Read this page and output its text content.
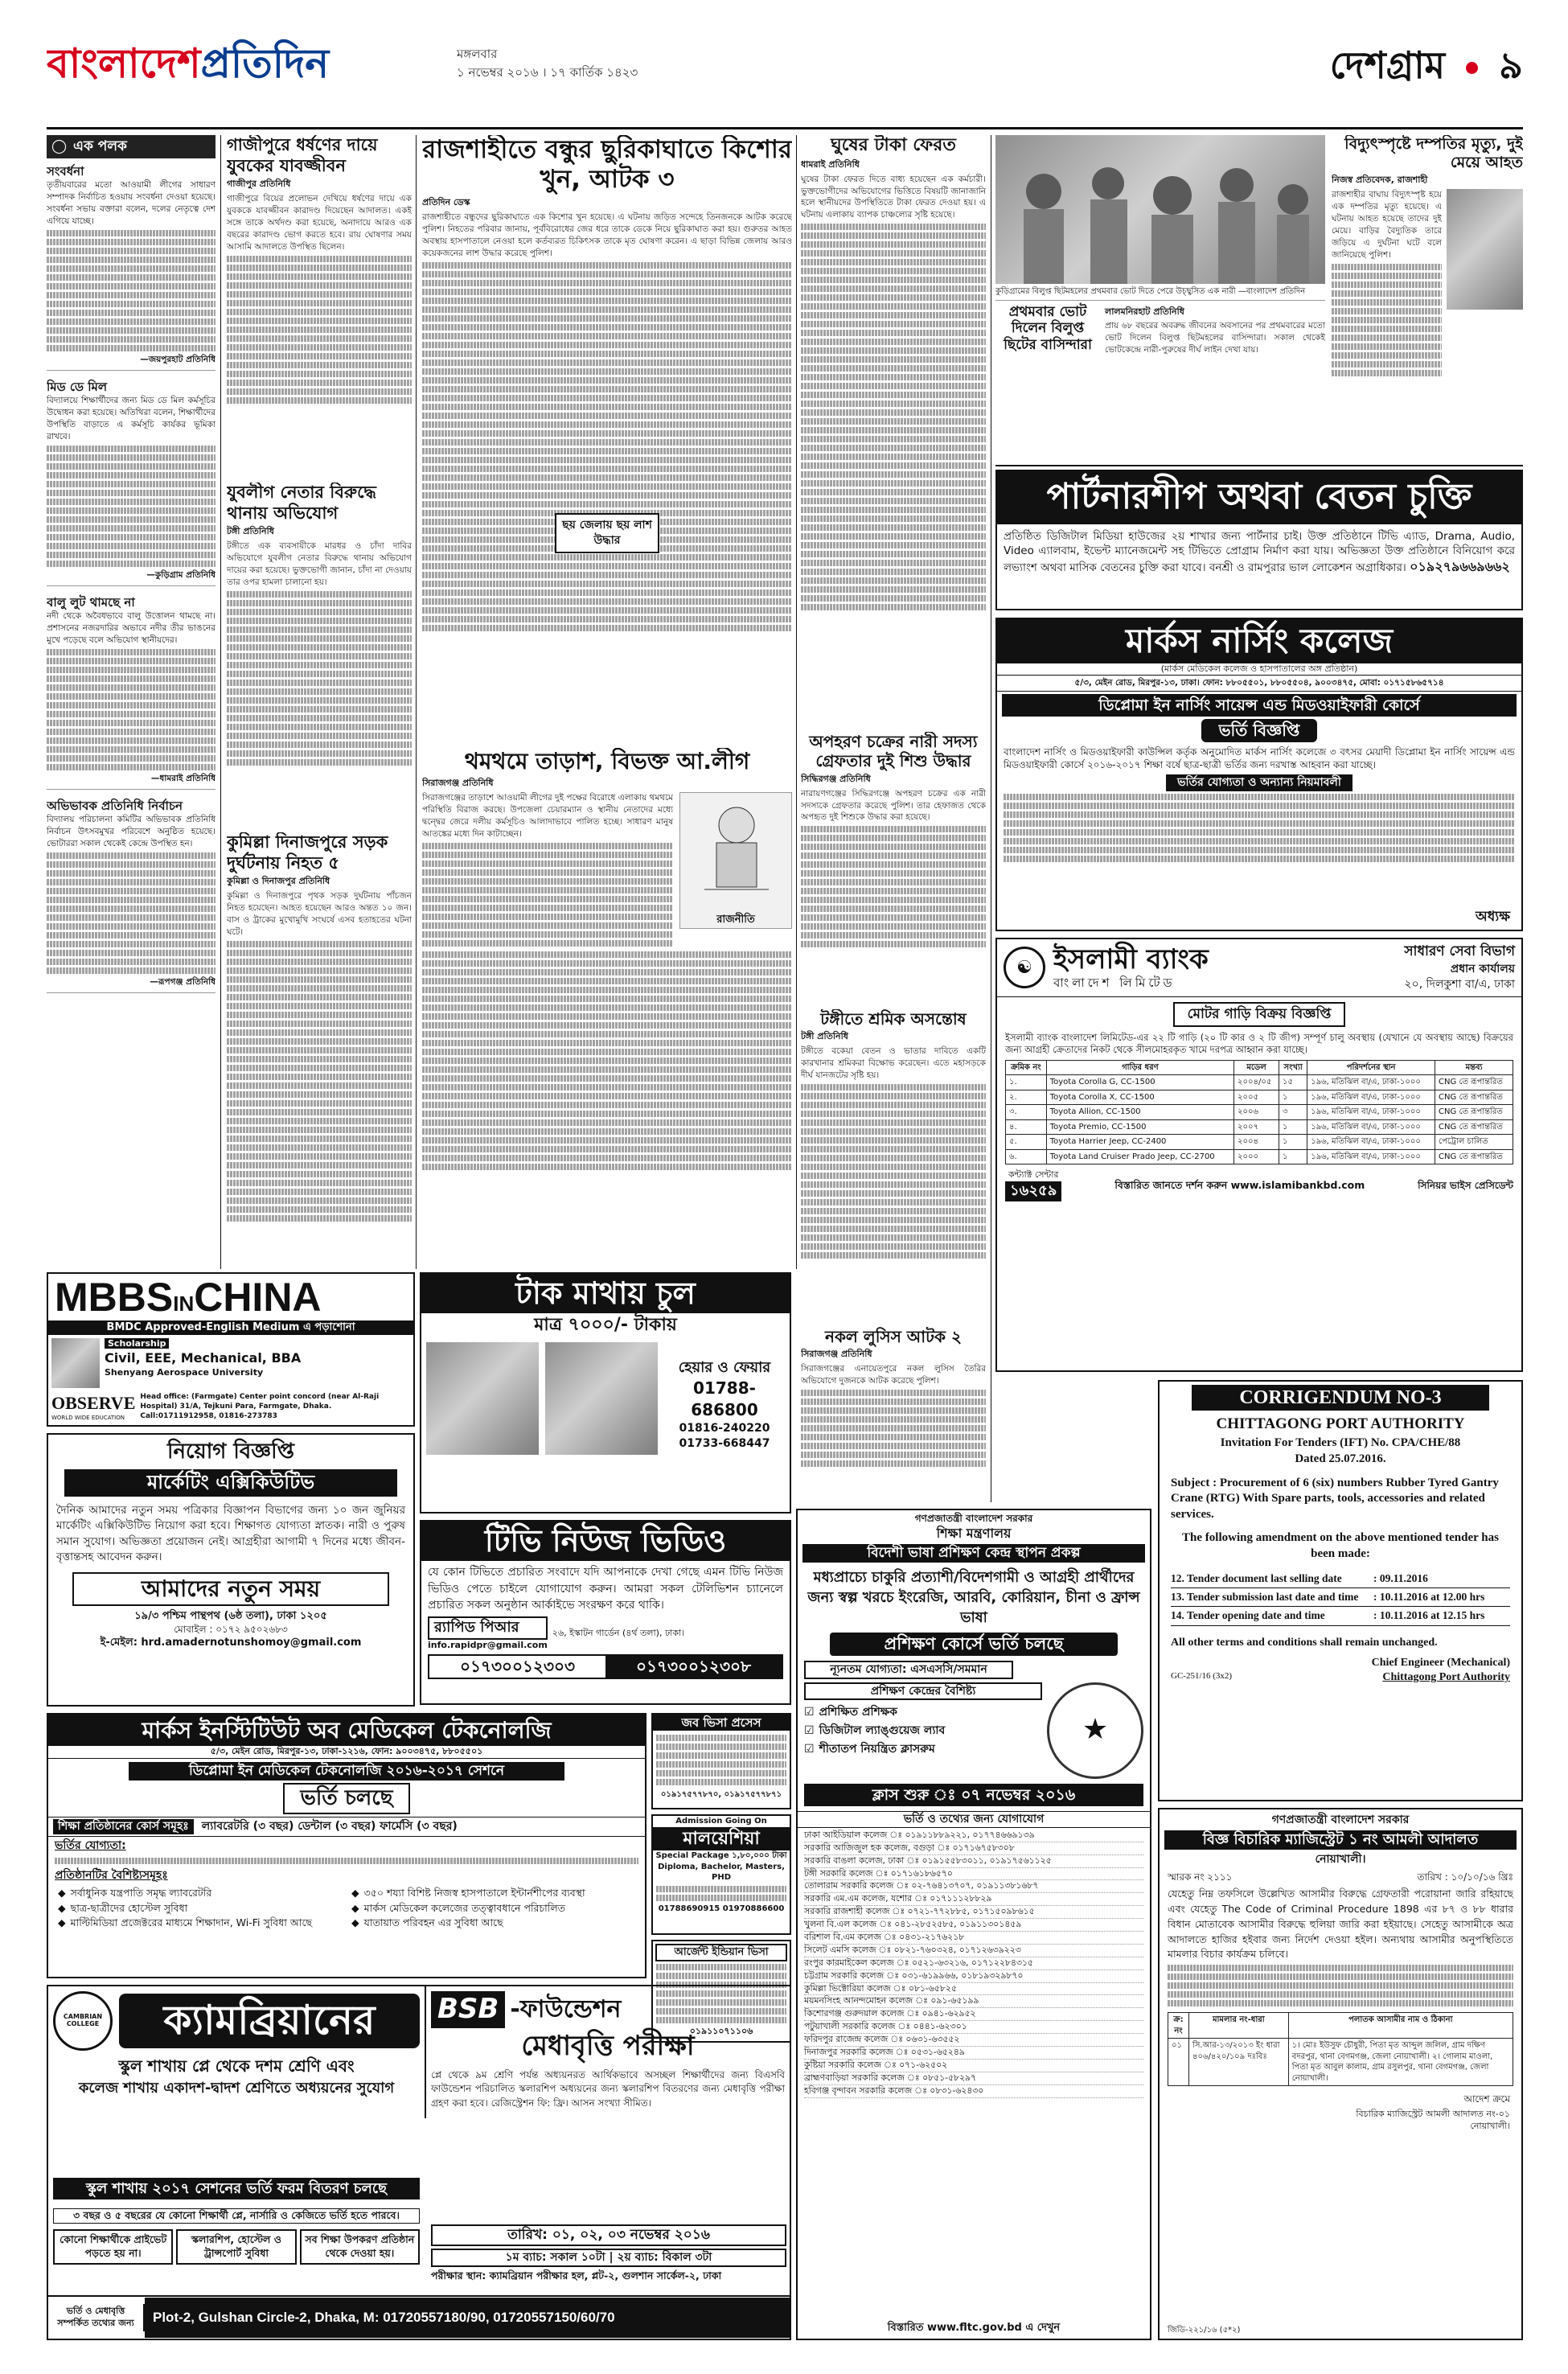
বাংলাদেশপ্রতিদিন	মঙ্গলবার
১ নভেম্বর ২০১৬ । ১৭ কার্তিক ১৪২৩	দেশগ্রাম ৯
◯ এক পলক
সংবর্ধনা
তৃতীয়বারের মতো আওয়ামী লীগের সাধারণ সম্পাদক নির্বাচিত হওয়ায় সংবর্ধনা দেওয়া হয়েছে। সংবর্ধনা সভায় বক্তারা বলেন, দলের নেতৃত্বে দেশ এগিয়ে যাচ্ছে।
—জয়পুরহাট প্রতিনিধি
মিড ডে মিল
বিদ্যালয়ে শিক্ষার্থীদের জন্য মিড ডে মিল কর্মসূচির উদ্বোধন করা হয়েছে। অতিথিরা বলেন, শিক্ষার্থীদের উপস্থিতি বাড়াতে এ কর্মসূচি কার্যকর ভূমিকা রাখবে।
—কুড়িগ্রাম প্রতিনিধি
বালু লুট থামছে না
নদী থেকে অবৈধভাবে বালু উত্তোলন থামছে না। প্রশাসনের নজরদারির অভাবে নদীর তীর ভাঙনের মুখে পড়েছে বলে অভিযোগ স্থানীয়দের।
—ধামরাই প্রতিনিধি
অভিভাবক প্রতিনিধি নির্বাচন
বিদ্যালয় পরিচালনা কমিটির অভিভাবক প্রতিনিধি নির্বাচন উৎসবমুখর পরিবেশে অনুষ্ঠিত হয়েছে। ভোটাররা সকাল থেকেই কেন্দ্রে উপস্থিত হন।
—রূপগঞ্জ প্রতিনিধি
গাজীপুরে ধর্ষণের দায়ে যুবকের যাবজ্জীবন
গাজীপুর প্রতিনিধি
গাজীপুরে বিয়ের প্রলোভন দেখিয়ে ধর্ষণের দায়ে এক যুবককে যাবজ্জীবন কারাদণ্ড দিয়েছেন আদালত। একই সঙ্গে তাকে অর্থদণ্ড করা হয়েছে, অনাদায়ে আরও এক বছরের কারাদণ্ড ভোগ করতে হবে। রায় ঘোষণার সময় আসামি আদালতে উপস্থিত ছিলেন।
যুবলীগ নেতার বিরুদ্ধে থানায় অভিযোগ
টঙ্গী প্রতিনিধি
টঙ্গীতে এক ব্যবসায়ীকে মারধর ও চাঁদা দাবির অভিযোগে যুবলীগ নেতার বিরুদ্ধে থানায় অভিযোগ দায়ের করা হয়েছে। ভুক্তভোগী জানান, চাঁদা না দেওয়ায় তার ওপর হামলা চালানো হয়।
কুমিল্লা দিনাজপুরে সড়ক দুর্ঘটনায় নিহত ৫
কুমিল্লা ও দিনাজপুর প্রতিনিধি
কুমিল্লা ও দিনাজপুরে পৃথক সড়ক দুর্ঘটনায় পাঁচজন নিহত হয়েছেন। আহত হয়েছেন আরও অন্তত ১০ জন। বাস ও ট্রাকের মুখোমুখি সংঘর্ষে এসব হতাহতের ঘটনা ঘটে।
রাজশাহীতে বন্ধুর ছুরিকাঘাতে কিশোর খুন, আটক ৩
প্রতিদিন ডেস্ক
রাজশাহীতে বন্ধুদের ছুরিকাঘাতে এক কিশোর খুন হয়েছে। এ ঘটনায় জড়িত সন্দেহে তিনজনকে আটক করেছে পুলিশ। নিহতের পরিবার জানায়, পূর্ববিরোধের জের ধরে তাকে ডেকে নিয়ে ছুরিকাঘাত করা হয়। গুরুতর আহত অবস্থায় হাসপাতালে নেওয়া হলে কর্তব্যরত চিকিৎসক তাকে মৃত ঘোষণা করেন। এ ছাড়া বিভিন্ন জেলায় আরও কয়েকজনের লাশ উদ্ধার করেছে পুলিশ।
ছয় জেলায় ছয় লাশ উদ্ধার
থমথমে তাড়াশ, বিভক্ত আ.লীগ
সিরাজগঞ্জ প্রতিনিধি
সিরাজগঞ্জের তাড়াশে আওয়ামী লীগের দুই পক্ষের বিরোধে এলাকায় থমথমে পরিস্থিতি বিরাজ করছে। উপজেলা চেয়ারম্যান ও স্থানীয় নেতাদের মধ্যে দ্বন্দ্বের জেরে দলীয় কর্মসূচিও আলাদাভাবে পালিত হচ্ছে। সাধারণ মানুষ আতঙ্কের মধ্যে দিন কাটাচ্ছেন।
রাজনীতি
ঘুষের টাকা ফেরত
ধামরাই প্রতিনিধি
ঘুষের টাকা ফেরত দিতে বাধ্য হয়েছেন এক কর্মচারী। ভুক্তভোগীদের অভিযোগের ভিত্তিতে বিষয়টি জানাজানি হলে স্থানীয়দের উপস্থিতিতে টাকা ফেরত দেওয়া হয়। এ ঘটনায় এলাকায় ব্যাপক চাঞ্চল্যের সৃষ্টি হয়েছে।
অপহরণ চক্রের নারী সদস্য গ্রেফতার দুই শিশু উদ্ধার
সিদ্ধিরগঞ্জ প্রতিনিধি
নারায়ণগঞ্জের সিদ্ধিরগঞ্জে অপহরণ চক্রের এক নারী সদস্যকে গ্রেফতার করেছে পুলিশ। তার হেফাজত থেকে অপহৃত দুই শিশুকে উদ্ধার করা হয়েছে।
টঙ্গীতে শ্রমিক অসন্তোষ
টঙ্গী প্রতিনিধি
টঙ্গীতে বকেয়া বেতন ও ভাতার দাবিতে একটি কারখানার শ্রমিকরা বিক্ষোভ করেছেন। এতে মহাসড়কে দীর্ঘ যানজটের সৃষ্টি হয়।
নকল লুসিস আটক ২
সিরাজগঞ্জ প্রতিনিধি
সিরাজগঞ্জের এনায়েতপুরে নকল লুসিস তৈরির অভিযোগে দুজনকে আটক করেছে পুলিশ।
কুড়িগ্রামের বিলুপ্ত ছিটমহলের প্রথমবার ভোট দিতে পেরে উচ্ছ্বসিত এক নারী —বাংলাদেশ প্রতিদিন
প্রথমবার ভোট দিলেন বিলুপ্ত ছিটের বাসিন্দারা
লালমনিরহাট প্রতিনিধি
প্রায় ৬৮ বছরের অবরুদ্ধ জীবনের অবসানের পর প্রথমবারের মতো ভোট দিলেন বিলুপ্ত ছিটমহলের বাসিন্দারা। সকাল থেকেই ভোটকেন্দ্রে নারী-পুরুষের দীর্ঘ লাইন দেখা যায়।
বিদ্যুৎস্পৃষ্টে দম্পতির মৃত্যু, দুই মেয়ে আহত
নিজস্ব প্রতিবেদক, রাজশাহী
রাজশাহীর বাঘায় বিদ্যুৎস্পৃষ্ট হয়ে এক দম্পতির মৃত্যু হয়েছে। এ ঘটনায় আহত হয়েছে তাদের দুই মেয়ে। বাড়ির বৈদ্যুতিক তারে জড়িয়ে এ দুর্ঘটনা ঘটে বলে জানিয়েছে পুলিশ।
পার্টনারশীপ অথবা বেতন চুক্তি
প্রতিষ্ঠিত ডিজিটাল মিডিয়া হাউজের ২য় শাখার জন্য পার্টনার চাই। উক্ত প্রতিষ্ঠানে টিভি এ্যাড, Drama, Audio, Video এ্যালবাম, ইভেন্ট ম্যানেজমেন্ট সহ টিভিতে প্রোগ্রাম নির্মাণ করা যায়। অভিজ্ঞতা উক্ত প্রতিষ্ঠানে বিনিয়োগ করে লভ্যাংশ অথবা মাসিক বেতনের চুক্তি করা যাবে। বনশ্রী ও রামপুরার ভাল লোকেশন অগ্রাধিকার। ০১৯২৭৯৬৬৯৬৬২
মার্কস নার্সিং কলেজ
(মার্কস মেডিকেল কলেজ ও হাসপাতালের অঙ্গ প্রতিষ্ঠান)
৫/৩, মেইন রোড, মিরপুর-১৩, ঢাকা। ফোন: ৮৮০৫৫০১, ৮৮০৫৫০৪, ৯০০৩৪৭৫, মোবা: ০১৭১৫৮৬৫৭১৪
ডিপ্লোমা ইন নার্সিং সায়েন্স এন্ড মিডওয়াইফারী কোর্সে
ভর্তি বিজ্ঞপ্তি
বাংলাদেশ নার্সিং ও মিডওয়াইফারী কাউন্সিল কর্তৃক অনুমোদিত মার্কস নার্সিং কলেজে ৩ বৎসর মেয়াদী ডিপ্লোমা ইন নার্সিং সায়েন্স এন্ড মিডওয়াইফারী কোর্সে ২০১৬-২০১৭ শিক্ষা বর্ষে ছাত্র-ছাত্রী ভর্তির জন্য দরখাস্ত আহবান করা যাচ্ছে।
ভর্তির যোগ্যতা ও অন্যান্য নিয়মাবলী
অধ্যক্ষ
☯ ইসলামী ব্যাংক
বাংলাদেশ লিমিটেড
সাধারণ সেবা বিভাগ
প্রধান কার্যালয়
২০, দিলকুশা বা/এ, ঢাকা
মোটর গাড়ি বিক্রয় বিজ্ঞপ্তি
ইসলামী ব্যাংক বাংলাদেশ লিমিটেড-এর ২২ টি গাড়ি (২০ টি কার ও ২ টি জীপ) সম্পূর্ণ চালু অবস্থায় (যেখানে যে অবস্থায় আছে) বিক্রয়ের জন্য আগ্রহী ক্রেতাদের নিকট থেকে সীলমোহরকৃত খামে দরপত্র আহ্বান করা যাচ্ছে।
ক্রমিক নং	গাড়ির ধরণ	মডেল	সংখ্যা	পরিদর্শনের স্থান	মন্তব্য
১.	Toyota Corolla G, CC-1500	২০০৪/০৫	১৫	১৯৬, মতিঝিল বা/এ, ঢাকা-১০০০	CNG তে রূপান্তরিত
২.	Toyota Corolla X, CC-1500	২০০৫	১	১৯৬, মতিঝিল বা/এ, ঢাকা-১০০০	CNG তে রূপান্তরিত
৩.	Toyota Allion, CC-1500	২০০৬	৩	১৯৬, মতিঝিল বা/এ, ঢাকা-১০০০	CNG তে রূপান্তরিত
৪.	Toyota Premio, CC-1500	২০০৭	১	১৯৬, মতিঝিল বা/এ, ঢাকা-১০০০	CNG তে রূপান্তরিত
৫.	Toyota Harrier Jeep, CC-2400	২০০৪	১	১৯৬, মতিঝিল বা/এ, ঢাকা-১০০০	পেট্রোল চালিত
৬.	Toyota Land Cruiser Prado Jeep, CC-2700	২০০০	১	১৯৬, মতিঝিল বা/এ, ঢাকা-১০০০	CNG তে রূপান্তরিত
কন্ট্যাক্ট সেন্টার
১৬২৫৯	বিস্তারিত জানতে দর্শন করুন www.islamibankbd.com	সিনিয়র ভাইস প্রেসিডেন্ট
MBBSINCHINA
BMDC Approved-English Medium এ পড়াশোনা
Scholarship
Civil, EEE, Mechanical, BBA
Shenyang Aerospace University
OBSERVE
WORLD WIDE EDUCATION
Head office: (Farmgate) Center point concord (near Al-Raji Hospital) 31/A, Tejkuni Para, Farmgate, Dhaka. Call:01711912958, 01816-273783
টাক মাথায় চুল
মাত্র ৭০০০/- টাকায়
হেয়ার ও ফেয়ার
01788-686800
01816-240220
01733-668447
নিয়োগ বিজ্ঞপ্তি
মার্কেটিং এক্সিকিউটিভ
দৈনিক আমাদের নতুন সময় পত্রিকার বিজ্ঞাপন বিভাগের জন্য ১০ জন জুনিয়র মার্কেটিং এক্সিকিউটিভ নিয়োগ করা হবে। শিক্ষাগত যোগ্যতা স্নাতক। নারী ও পুরুষ সমান সুযোগ। অভিজ্ঞতা প্রয়োজন নেই। আগ্রহীরা আগামী ৭ দিনের মধ্যে জীবন-বৃত্তান্তসহ আবেদন করুন।
আমাদের নতুন সময়
১৯/৩ পশ্চিম পান্থপথ (৬ষ্ঠ তলা), ঢাকা ১২০৫
মোবাইল : ০১৭২ ৯৫০২৬৮৩
ই-মেইল: hrd.amadernotunshomoy@gmail.com
টিভি নিউজ ভিডিও
যে কোন টিভিতে প্রচারিত সংবাদে যদি আপনাকে দেখা গেছে এমন টিভি নিউজ ভিডিও পেতে চাইলে যোগাযোগ করুন। আমরা সকল টেলিভিশন চ্যানেলে প্রচারিত সকল অনুষ্ঠান আর্কাইভে সংরক্ষণ করে থাকি।
র‍্যাপিড পিআর
info.rapidpr@gmail.com
২৬, ইস্কাটন গার্ডেন (৪র্থ তলা), ঢাকা।
০১৭৩০০১২৩০৩	০১৭৩০০১২৩০৮
গণপ্রজাতন্ত্রী বাংলাদেশ সরকার
শিক্ষা মন্ত্রণালয়
বিদেশী ভাষা প্রশিক্ষণ কেন্দ্র স্থাপন প্রকল্প
মধ্যপ্রাচ্যে চাকুরি প্রত্যাশী/বিদেশগামী ও আগ্রহী প্রার্থীদের জন্য স্বল্প খরচে ইংরেজি, আরবি, কোরিয়ান, চীনা ও ফ্রান্স ভাষা
প্রশিক্ষণ কোর্সে ভর্তি চলছে
ন্যূনতম যোগ্যতা: এসএসসি/সমমান
প্রশিক্ষণ কেন্দ্রের বৈশিষ্ট্য
☑ প্রশিক্ষিত প্রশিক্ষক
☑ ডিজিটাল ল্যাঙ্গুয়েজ ল্যাব
☑ শীতাতপ নিয়ন্ত্রিত ক্লাসরুম
★
ক্লাস শুরু ঃ ০৭ নভেম্বর ২০১৬
ভর্তি ও তথ্যের জন্য যোগাযোগ
ঢাকা আইডিয়াল কলেজ ঃ ০১৯১১৮৮৯২২১, ০১৭৭৪৬৬৯১৩৯
সরকারি আজিজুল হক কলেজ, বগুড়া ঃ ০১৭১৬৭৫৮৩০৮
সরকারি বাঙলা কলেজ, ঢাকা ঃ ০১৯১৫৫৮৩০১১, ০১৯১৭৫৬১১২৫
টঙ্গী সরকারি কলেজ ঃ ০১৭১৬১৮৬৫৭০
তোলারাম সরকারি কলেজ ঃ ০২-৭৬৪১৩৭০৭, ০১৯১১৩৮১৬৮৭
সরকারি এম.এম কলেজ, যশোর ঃ ০১৭১১১২৮৮২৯
সরকারি রাজশাহী কলেজ ঃ ০৭২১-৭৭২৮৮৫, ০১৭১৫০৯৮৬১৫
খুলনা বি.এল কলেজ ঃ ০৪১-২৮৫২৫৮৫, ০১৯১১৩০১৪৫৯
বরিশাল বি.এম কলেজ ঃ ০৪৩১-২১৭৬২১৮
সিলেট এমসি কলেজ ঃ ০৮২১-৭৬০৩২৪, ০১৭১২৬৩৯২২৩
রংপুর কারমাইকেল কলেজ ঃ ০৫২১-৬৩২১৬, ০১৭১২২৮৪৩১৫
চট্টগ্রাম সরকারি কলেজ ঃ ০৩১-৬১৯৯৬৬, ০১৮১৯৩২৯৮৭০
কুমিল্লা ভিক্টোরিয়া কলেজ ঃ ০৮১-৬৫৮২৫
ময়মনসিংহ আনন্দমোহন কলেজ ঃ ০৯১-৬৫১৯৯
কিশোরগঞ্জ গুরুদয়াল কলেজ ঃ ০৯৪১-৬২৯৫২
পটুয়াখালী সরকারি কলেজ ঃ ০৪৪১-৬২৩০১
ফরিদপুর রাজেন্দ্র কলেজ ঃ ০৬৩১-৬৩৫৫২
দিনাজপুর সরকারি কলেজ ঃ ০৫৩১-৬৫২৪৯
কুষ্টিয়া সরকারি কলেজ ঃ ০৭১-৬২৫০২
ব্রাহ্মণবাড়িয়া সরকারি কলেজ ঃ ০৮৫১-৫৮২৯৭
হবিগঞ্জ বৃন্দাবন সরকারি কলেজ ঃ ০৮৩১-৬২৪৩০
বিস্তারিত www.fltc.gov.bd এ দেখুন
CORRIGENDUM NO-3
CHITTAGONG PORT AUTHORITY
Invitation For Tenders (IFT) No. CPA/CHE/88
Dated 25.07.2016.
Subject : Procurement of 6 (six) numbers Rubber Tyred Gantry Crane (RTG) With Spare parts, tools, accessories and related services.
The following amendment on the above mentioned tender has been made:
12. Tender document last selling date	: 09.11.2016
13. Tender submission last date and time	: 10.11.2016 at 12.00 hrs
14. Tender opening date and time	: 10.11.2016 at 12.15 hrs
All other terms and conditions shall remain unchanged.
Chief Engineer (Mechanical)
GC-251/16 (3x2)	Chittagong Port Authority
মার্কস ইনস্টিটিউট অব মেডিকেল টেকনোলজি
৫/৩, মেইন রোড, মিরপুর-১৩, ঢাকা-১২১৬, ফোন: ৯০০৩৪৭৫, ৮৮০৫৫০১
ডিপ্লোমা ইন মেডিকেল টেকনোলজি ২০১৬-২০১৭ সেশনে
ভর্তি চলছে
শিক্ষা প্রতিষ্ঠানের কোর্স সমূহঃ	ল্যাবরেটরি (৩ বছর) ডেন্টাল (৩ বছর) ফার্মেসি (৩ বছর)
ভর্তির যোগ্যতা:
প্রতিষ্ঠানটির বৈশিষ্ট্যসমূহঃ
◆ সর্বাধুনিক যন্ত্রপাতি সমৃদ্ধ ল্যাবরেটরি	◆ ৩৫০ শয্যা বিশিষ্ট নিজস্ব হাসপাতালে ইন্টার্নশীপের ব্যবস্থা
◆ ছাত্র-ছাত্রীদের হোস্টেল সুবিধা	◆ মার্কস মেডিকেল কলেজের তত্ত্বাবধানে পরিচালিত
◆ মাল্টিমিডিয়া প্রজেক্টরের মাধ্যমে শিক্ষাদান, Wi-Fi সুবিধা আছে	◆ যাতায়াত পরিবহন এর সুবিধা আছে
জব ভিসা প্রসেস
০১৯১৭৫৭৭৮৭০, ০১৯১৭৫৭৭৮৭১
Admission Going On
মালয়েশিয়া
Special Package ১,৮০,০০০ টাকা
Diploma, Bachelor, Masters, PHD
01788690915 01970886600
আর্জেন্ট ইন্ডিয়ান ভিসা
০১৯১১০৭১১০৬
CAMBRIAN COLLEGE	ক্যামব্রিয়ানের
স্কুল শাখায় প্লে থেকে দশম শ্রেণি এবং
কলেজ শাখায় একাদশ-দ্বাদশ শ্রেণিতে অধ্যয়নের সুযোগ
BSB -ফাউন্ডেশন
মেধাবৃত্তি পরীক্ষা
প্লে থেকে ৯ম শ্রেণি পর্যন্ত অধ্যয়নরত আর্থিকভাবে অসচ্ছল শিক্ষার্থীদের জন্য বিএসবি ফাউন্ডেশন পরিচালিত স্কলারশিপ অধ্যয়নের জন্য স্কলারশিপ বিতরণের জন্য মেধাবৃত্তি পরীক্ষা গ্রহণ করা হবে। রেজিস্ট্রেশন ফি: ফ্রি। আসন সংখ্যা সীমিত।
স্কুল শাখায় ২০১৭ সেশনের ভর্তি ফরম বিতরণ চলছে
৩ বছর ও ৫ বছরের যে কোনো শিক্ষার্থী প্লে, নার্সারি ও কেজিতে ভর্তি হতে পারবে।
কোনো শিক্ষার্থীকে প্রাইভেট পড়তে হয় না।
স্কলারশিপ, হোস্টেল ও ট্রান্সপোর্ট সুবিধা
সব শিক্ষা উপকরণ প্রতিষ্ঠান থেকে দেওয়া হয়।
তারিখ: ০১, ০২, ০৩ নভেম্বর ২০১৬
১ম ব্যাচ: সকাল ১০টা | ২য় ব্যাচ: বিকাল ৩টা
পরীক্ষার স্থান: ক্যামব্রিয়ান পরীক্ষার হল, প্লট-২, গুলশান সার্কেল-২, ঢাকা
ভর্তি ও মেধাবৃত্তি সম্পর্কিত তথ্যের জন্য	Plot-2, Gulshan Circle-2, Dhaka, M: 01720557180/90, 01720557150/60/70
গণপ্রজাতন্ত্রী বাংলাদেশ সরকার
বিজ্ঞ বিচারিক ম্যাজিস্ট্রেট ১ নং আমলী আদালত
নোয়াখালী।
স্মারক নং ২১১১	তারিখ : ১০/১০/১৬ খ্রিঃ
যেহেতু নিম্ন তফসিলে উল্লেখিত আসামীর বিরুদ্ধে গ্রেফতারী পরোয়ানা জারি রহিয়াছে এবং যেহেতু The Code of Criminal Procedure 1898 এর ৮৭ ও ৮৮ ধারার বিধান মোতাবেক আসামীর বিরুদ্ধে হুলিয়া জারি করা হইয়াছে। সেহেতু আসামীকে অত্র আদালতে হাজির হইবার জন্য নির্দেশ দেওয়া হইল। অন্যথায় আসামীর অনুপস্থিতিতে মামলার বিচার কার্যক্রম চলিবে।
ক্র: নং	মামলার নং-ধারা	পলাতক আসামীর নাম ও ঠিকানা
০১	সি.আর-১৩/২০১৩ ইং ধারা ৪০৬/৪২০/১০৯ দঃবিঃ	১। মোঃ ইউসুফ চৌধুরী, পিতা মৃত আব্দুল জলিল, গ্রাম দক্ষিণ বদরপুর, থানা বেগমগঞ্জ, জেলা নোয়াখালী। ২। গোলাম মাওলা, পিতা মৃত আবুল কালাম, গ্রাম রসুলপুর, থানা বেগমগঞ্জ, জেলা নোয়াখালী।
আদেশ ক্রমে
বিচারিক ম্যাজিস্ট্রেট আমলী আদালত নং-০১ নোয়াখালী।
জিডি-২২১/১৬ (৫*২)
